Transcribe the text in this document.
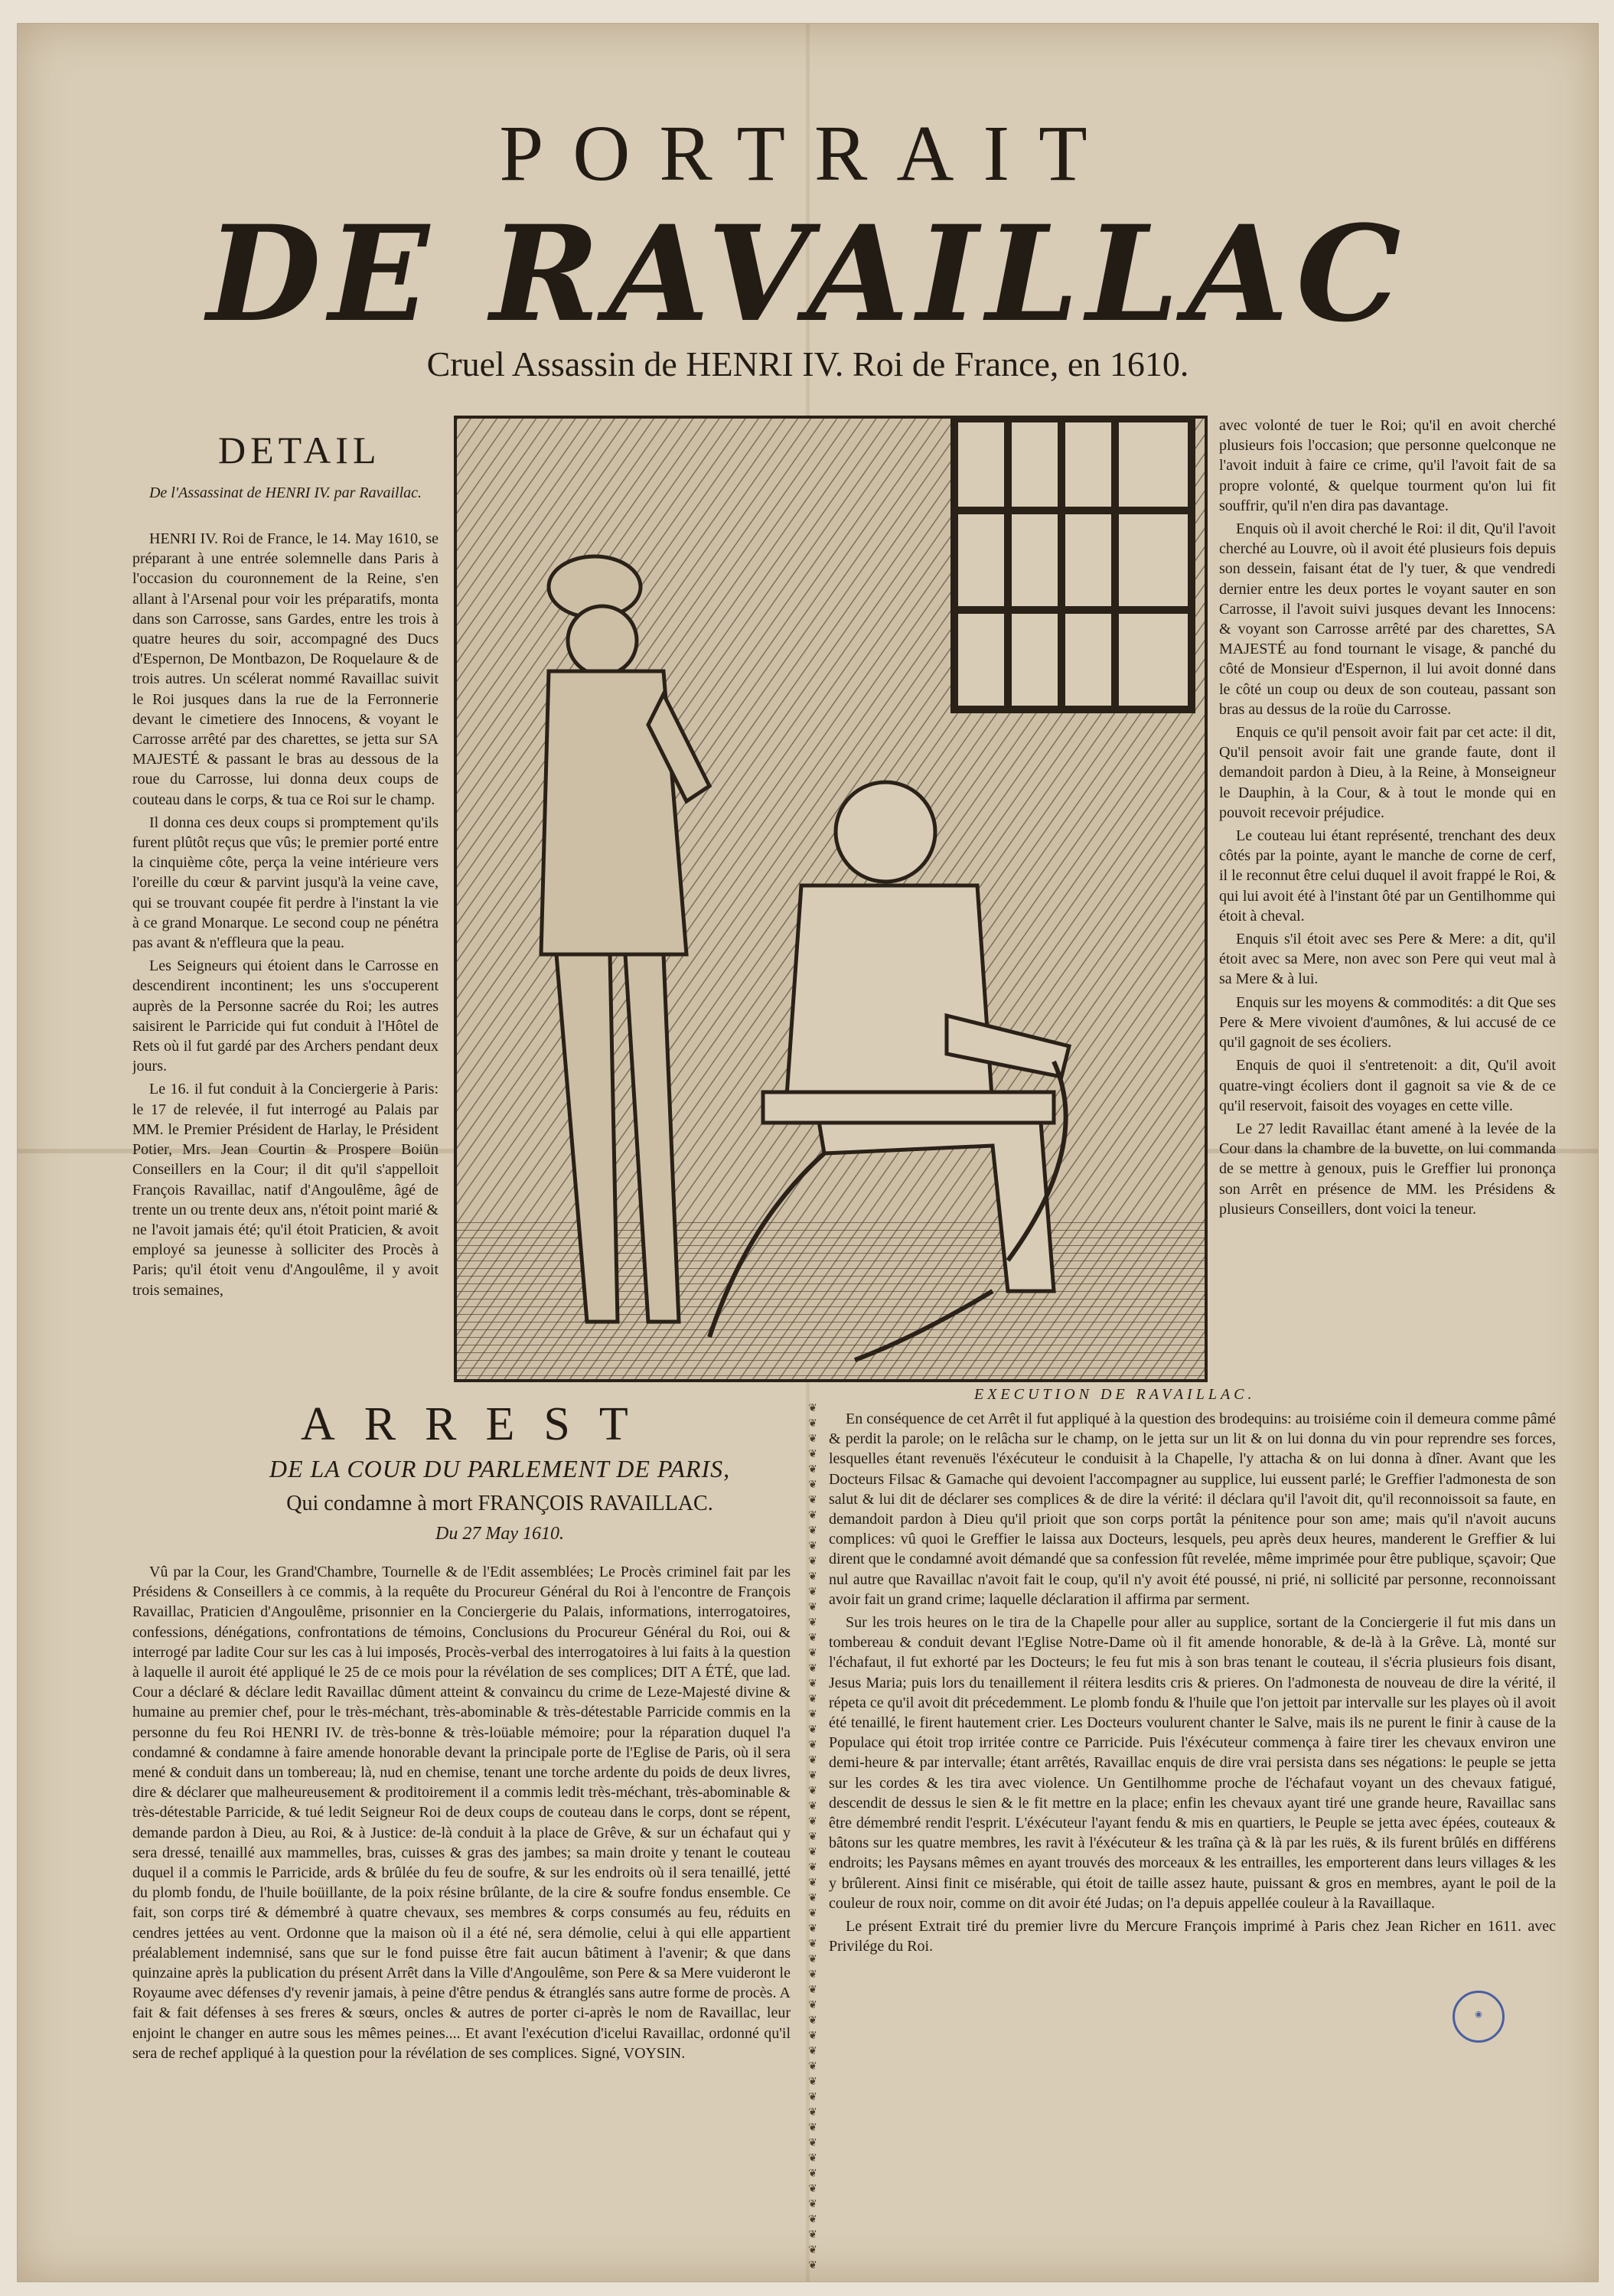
PORTRAIT
DE RAVAILLAC
Cruel Assassin de HENRI IV. Roi de France, en 1610.
DETAIL
De l'Assassinat de HENRI IV. par Ravaillac.

HENRI IV. Roi de France, le 14. May 1610, se préparant à une entrée solemnelle dans Paris à l'occasion du couronnement de la Reine, s'en allant à l'Arsenal pour voir les préparatifs, monta dans son Carrosse, sans Gardes, entre les trois à quatre heures du soir, accompagné des Ducs d'Espernon, De Montbazon, De Roquelaure & de trois autres. Un scélerat nommé Ravaillac suivit le Roi jusques dans la rue de la Ferronnerie devant le cimetiere des Innocens, & voyant le Carrosse arrêté par des charettes, se jetta sur SA MAJESTÉ & passant le bras au dessous de la roue du Carrosse, lui donna deux coups de couteau dans le corps, & tua ce Roi sur le champ.

Il donna ces deux coups si promptement qu'ils furent plûtôt reçus que vûs; le premier porté entre la cinquième côte, perça la veine intérieure vers l'oreille du cœur & parvint jusqu'à la veine cave, qui se trouvant coupée fit perdre à l'instant la vie à ce grand Monarque. Le second coup ne pénétra pas avant & n'effleura que la peau.

Les Seigneurs qui étoient dans le Carrosse en descendirent incontinent; les uns s'occuperent auprès de la Personne sacrée du Roi; les autres saisirent le Parricide qui fut conduit à l'Hôtel de Rets où il fut gardé par des Archers pendant deux jours.

Le 16. il fut conduit à la Conciergerie à Paris: le 17 de relevée, il fut interrogé au Palais par MM. le Premier Président de Harlay, le Président Potier, Mrs. Jean Courtin & Prospere Boiün Conseillers en la Cour; il dit qu'il s'appelloit François Ravaillac, natif d'Angoulême, âgé de trente un ou trente deux ans, n'étoit point marié & ne l'avoit jamais été; qu'il étoit Praticien, & avoit employé sa jeunesse à solliciter des Procès à Paris; qu'il étoit venu d'Angoulême, il y avoit trois semaines,

avec volonté de tuer le Roi; qu'il en avoit cherché plusieurs fois l'occasion; que personne quelconque ne l'avoit induit à faire ce crime, qu'il l'avoit fait de sa propre volonté, & quelque tourment qu'on lui fit souffrir, qu'il n'en dira pas davantage.

Enquis où il avoit cherché le Roi: il dit, Qu'il l'avoit cherché au Louvre, où il avoit été plusieurs fois depuis son dessein, faisant état de l'y tuer, & que vendredi dernier entre les deux portes le voyant sauter en son Carrosse, il l'avoit suivi jusques devant les Innocens: & voyant son Carrosse arrêté par des charettes, SA MAJESTÉ au fond tournant le visage, & panché du côté de Monsieur d'Espernon, il lui avoit donné dans le côté un coup ou deux de son couteau, passant son bras au dessus de la roüe du Carrosse.

Enquis ce qu'il pensoit avoir fait par cet acte: il dit, Qu'il pensoit avoir fait une grande faute, dont il demandoit pardon à Dieu, à la Reine, à Monseigneur le Dauphin, à la Cour, & à tout le monde qui en pouvoit recevoir préjudice.

Le couteau lui étant représenté, trenchant des deux côtés par la pointe, ayant le manche de corne de cerf, il le reconnut être celui duquel il avoit frappé le Roi, & qui lui avoit été à l'instant ôté par un Gentilhomme qui étoit à cheval.

Enquis s'il étoit avec ses Pere & Mere: a dit, qu'il étoit avec sa Mere, non avec son Pere qui veut mal à sa Mere & à lui.

Enquis sur les moyens & commodités: a dit Que ses Pere & Mere vivoient d'aumônes, & lui accusé de ce qu'il gagnoit de ses écoliers.

Enquis de quoi il s'entretenoit: a dit, Qu'il avoit quatre-vingt écoliers dont il gagnoit sa vie & de ce qu'il reservoit, faisoit des voyages en cette ville.

Le 27 ledit Ravaillac étant amené à la levée de la Cour dans la chambre de la buvette, on lui commanda de se mettre à genoux, puis le Greffier lui prononça son Arrêt en présence de MM. les Présidens & plusieurs Conseillers, dont voici la teneur.

EXECUTION DE RAVAILLAC.
ARREST
DE LA COUR DU PARLEMENT DE PARIS,
Qui condamne à mort FRANÇOIS RAVAILLAC.
Du 27 May 1610.

Vû par la Cour, les Grand'Chambre, Tournelle & de l'Edit assemblées; Le Procès criminel fait par les Présidens & Conseillers à ce commis, à la requête du Procureur Général du Roi à l'encontre de François Ravaillac, Praticien d'Angoulême, prisonnier en la Conciergerie du Palais, informations, interrogatoires, confessions, dénégations, confrontations de témoins, Conclusions du Procureur Général du Roi, oui & interrogé par ladite Cour sur les cas à lui imposés, Procès-verbal des interrogatoires à lui faits à la question à laquelle il auroit été appliqué le 25 de ce mois pour la révélation de ses complices; DIT A ÉTÉ, que lad. Cour a déclaré & déclare ledit Ravaillac dûment atteint & convaincu du crime de Leze-Majesté divine & humaine au premier chef, pour le très-méchant, très-abominable & très-détestable Parricide commis en la personne du feu Roi HENRI IV. de très-bonne & très-loüable mémoire; pour la réparation duquel l'a condamné & condamne à faire amende honorable devant la principale porte de l'Eglise de Paris, où il sera mené & conduit dans un tombereau; là, nud en chemise, tenant une torche ardente du poids de deux livres, dire & déclarer que malheureusement & proditoirement il a commis ledit très-méchant, très-abominable & très-détestable Parricide, & tué ledit Seigneur Roi de deux coups de couteau dans le corps, dont se répent, demande pardon à Dieu, au Roi, & à Justice: de-là conduit à la place de Grêve, & sur un échafaut qui y sera dressé, tenaillé aux mammelles, bras, cuisses & gras des jambes; sa main droite y tenant le couteau duquel il a commis le Parricide, ards & brûlée du feu de soufre, & sur les endroits où il sera tenaillé, jetté du plomb fondu, de l'huile boüillante, de la poix résine brûlante, de la cire & soufre fondus ensemble. Ce fait, son corps tiré & démembré à quatre chevaux, ses membres & corps consumés au feu, réduits en cendres jettées au vent. Ordonne que la maison où il a été né, sera démolie, celui à qui elle appartient préalablement indemnisé, sans que sur le fond puisse être fait aucun bâtiment à l'avenir; & que dans quinzaine après la publication du présent Arrêt dans la Ville d'Angoulême, son Pere & sa Mere vuideront le Royaume avec défenses d'y revenir jamais, à peine d'être pendus & étranglés sans autre forme de procès. A fait & fait défenses à ses freres & sœurs, oncles & autres de porter ci-après le nom de Ravaillac, leur enjoint le changer en autre sous les mêmes peines.... Et avant l'exécution d'icelui Ravaillac, ordonné qu'il sera de rechef appliqué à la question pour la révélation de ses complices. Signé, VOYSIN.

❦
❦
❦
❦
❦
❦
❦
❦
❦
❦
❦
❦
❦
❦
❦
❦
❦
❦
❦
❦
❦
❦
❦
❦
❦
❦
❦
❦
❦
❦
❦
❦
❦
❦
❦
❦
❦
❦
❦
❦
❦
❦
❦
❦
❦
❦
❦
❦
❦
❦
❦
❦
❦
❦
❦
❦
❦

En conséquence de cet Arrêt il fut appliqué à la question des brodequins: au troisiéme coin il demeura comme pâmé & perdit la parole; on le relâcha sur le champ, on le jetta sur un lit & on lui donna du vin pour reprendre ses forces, lesquelles étant revenuës l'éxécuteur le conduisit à la Chapelle, l'y attacha & on lui donna à dîner. Avant que les Docteurs Filsac & Gamache qui devoient l'accompagner au supplice, lui eussent parlé; le Greffier l'admonesta de son salut & lui dit de déclarer ses complices & de dire la vérité: il déclara qu'il l'avoit dit, qu'il reconnoissoit sa faute, en demandoit pardon à Dieu qu'il prioit que son corps portât la pénitence pour son ame; mais qu'il n'avoit aucuns complices: vû quoi le Greffier le laissa aux Docteurs, lesquels, peu après deux heures, manderent le Greffier & lui dirent que le condamné avoit démandé que sa confession fût revelée, même imprimée pour être publique, sçavoir; Que nul autre que Ravaillac n'avoit fait le coup, qu'il n'y avoit été poussé, ni prié, ni sollicité par personne, reconnoissant avoir fait un grand crime; laquelle déclaration il affirma par serment.

Sur les trois heures on le tira de la Chapelle pour aller au supplice, sortant de la Conciergerie il fut mis dans un tombereau & conduit devant l'Eglise Notre-Dame où il fit amende honorable, & de-là à la Grêve. Là, monté sur l'échafaut, il fut exhorté par les Docteurs; le feu fut mis à son bras tenant le couteau, il s'écria plusieurs fois disant, Jesus Maria; puis lors du tenaillement il réitera lesdits cris & prieres. On l'admonesta de nouveau de dire la vérité, il répeta ce qu'il avoit dit précedemment. Le plomb fondu & l'huile que l'on jettoit par intervalle sur les playes où il avoit été tenaillé, le firent hautement crier. Les Docteurs voulurent chanter le Salve, mais ils ne purent le finir à cause de la Populace qui étoit trop irritée contre ce Parricide. Puis l'éxécuteur commença à faire tirer les chevaux environ une demi-heure & par intervalle; étant arrêtés, Ravaillac enquis de dire vrai persista dans ses négations: le peuple se jetta sur les cordes & les tira avec violence. Un Gentilhomme proche de l'échafaut voyant un des chevaux fatigué, descendit de dessus le sien & le fit mettre en la place; enfin les chevaux ayant tiré une grande heure, Ravaillac sans être démembré rendit l'esprit. L'éxécuteur l'ayant fendu & mis en quartiers, le Peuple se jetta avec épées, couteaux & bâtons sur les quatre membres, les ravit à l'éxécuteur & les traîna çà & là par les ruës, & ils furent brûlés en différens endroits; les Paysans mêmes en ayant trouvés des morceaux & les entrailles, les emporterent dans leurs villages & les y brûlerent. Ainsi finit ce misérable, qui étoit de taille assez haute, puissant & gros en membres, ayant le poil de la couleur de roux noir, comme on dit avoir été Judas; on l'a depuis appellée couleur à la Ravaillaque.

Le présent Extrait tiré du premier livre du Mercure François imprimé à Paris chez Jean Richer en 1611. avec Privilége du Roi.

◉
